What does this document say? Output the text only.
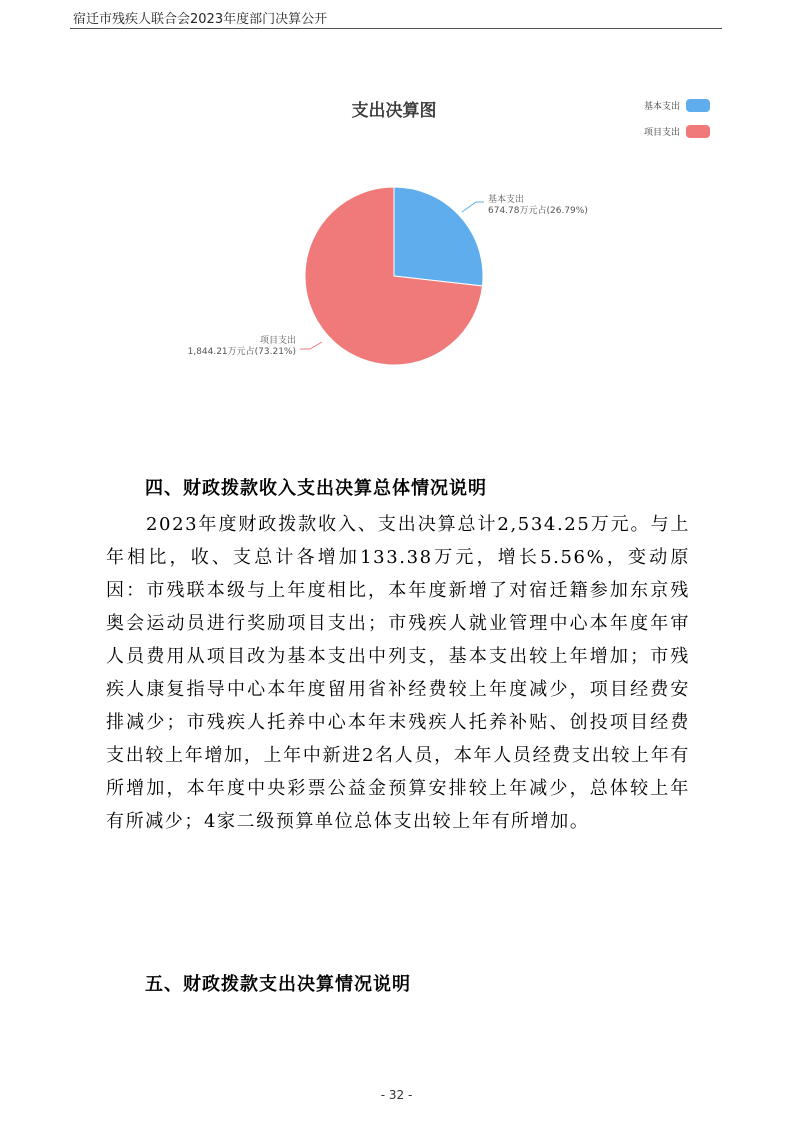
宿迁市残疾人联合会2023年度部门决算公开
支出决算图	基本支出
项目支出
基本支出
674.78万元占(26.79%)
项目支出
1,844.21万元占(73.21%)
四、财政拨款收入支出决算总体情况说明

2023年度财政拨款收入、支出决算总计2,534.25万元。与上年相比，收、支总计各增加133.38万元，增长5.56%，变动原因：市残联本级与上年度相比，本年度新增了对宿迁籍参加东京残奥会运动员进行奖励项目支出；市残疾人就业管理中心本年度年审人员费用从项目改为基本支出中列支，基本支出较上年增加；市残疾人康复指导中心本年度留用省补经费较上年度减少，项目经费安排减少；市残疾人托养中心本年末残疾人托养补贴、创投项目经费支出较上年增加，上年中新进2名人员，本年人员经费支出较上年有所增加，本年度中央彩票公益金预算安排较上年减少，总体较上年有所减少；4家二级预算单位总体支出较上年有所增加。

五、财政拨款支出决算情况说明
- 32 -
